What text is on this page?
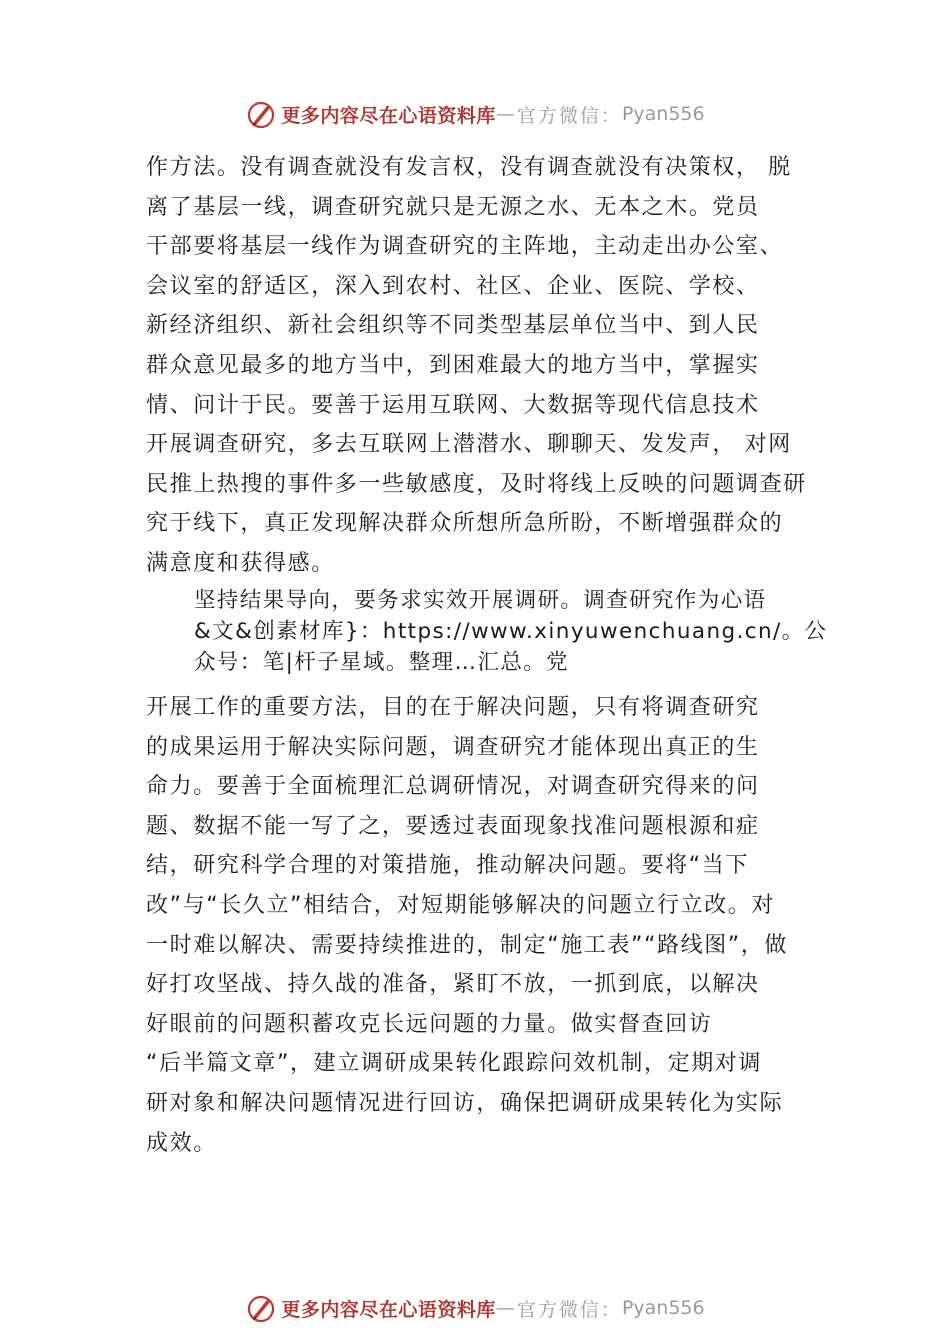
更多内容尽在心语资料库 — 官方微信： Pyan556
作方法。没有调查就没有发言权，没有调查就没有决策权， 脱
离了基层一线，调查研究就只是无源之水、无本之木。党员
干部要将基层一线作为调查研究的主阵地，主动走出办公室、
会议室的舒适区，深入到农村、社区、企业、医院、学校、
新经济组织、新社会组织等不同类型基层单位当中、到人民
群众意见最多的地方当中，到困难最大的地方当中，掌握实
情、问计于民。要善于运用互联网、大数据等现代信息技术
开展调查研究，多去互联网上潜潜水、聊聊天、发发声， 对网
民推上热搜的事件多一些敏感度，及时将线上反映的问题调查研
究于线下，真正发现解决群众所想所急所盼，不断增强群众的
满意度和获得感。
坚持结果导向，要务求实效开展调研。调查研究作为心语
&文&创素材库}：https://www.xinyuwenchuang.cn/。公
众号：笔|杆子星域。整理…汇总。党
开展工作的重要方法，目的在于解决问题，只有将调查研究
的成果运用于解决实际问题，调查研究才能体现出真正的生
命力。要善于全面梳理汇总调研情况，对调查研究得来的问
题、数据不能一写了之，要透过表面现象找准问题根源和症
结，研究科学合理的对策措施，推动解决问题。要将“当下
改”与“长久立”相结合，对短期能够解决的问题立行立改。对
一时难以解决、需要持续推进的，制定“施工表”“路线图”，做
好打攻坚战、持久战的准备，紧盯不放，一抓到底，以解决
好眼前的问题积蓄攻克长远问题的力量。做实督查回访
“后半篇文章”，建立调研成果转化跟踪问效机制，定期对调
研对象和解决问题情况进行回访，确保把调研成果转化为实际
成效。
更多内容尽在心语资料库 — 官方微信： Pyan556
